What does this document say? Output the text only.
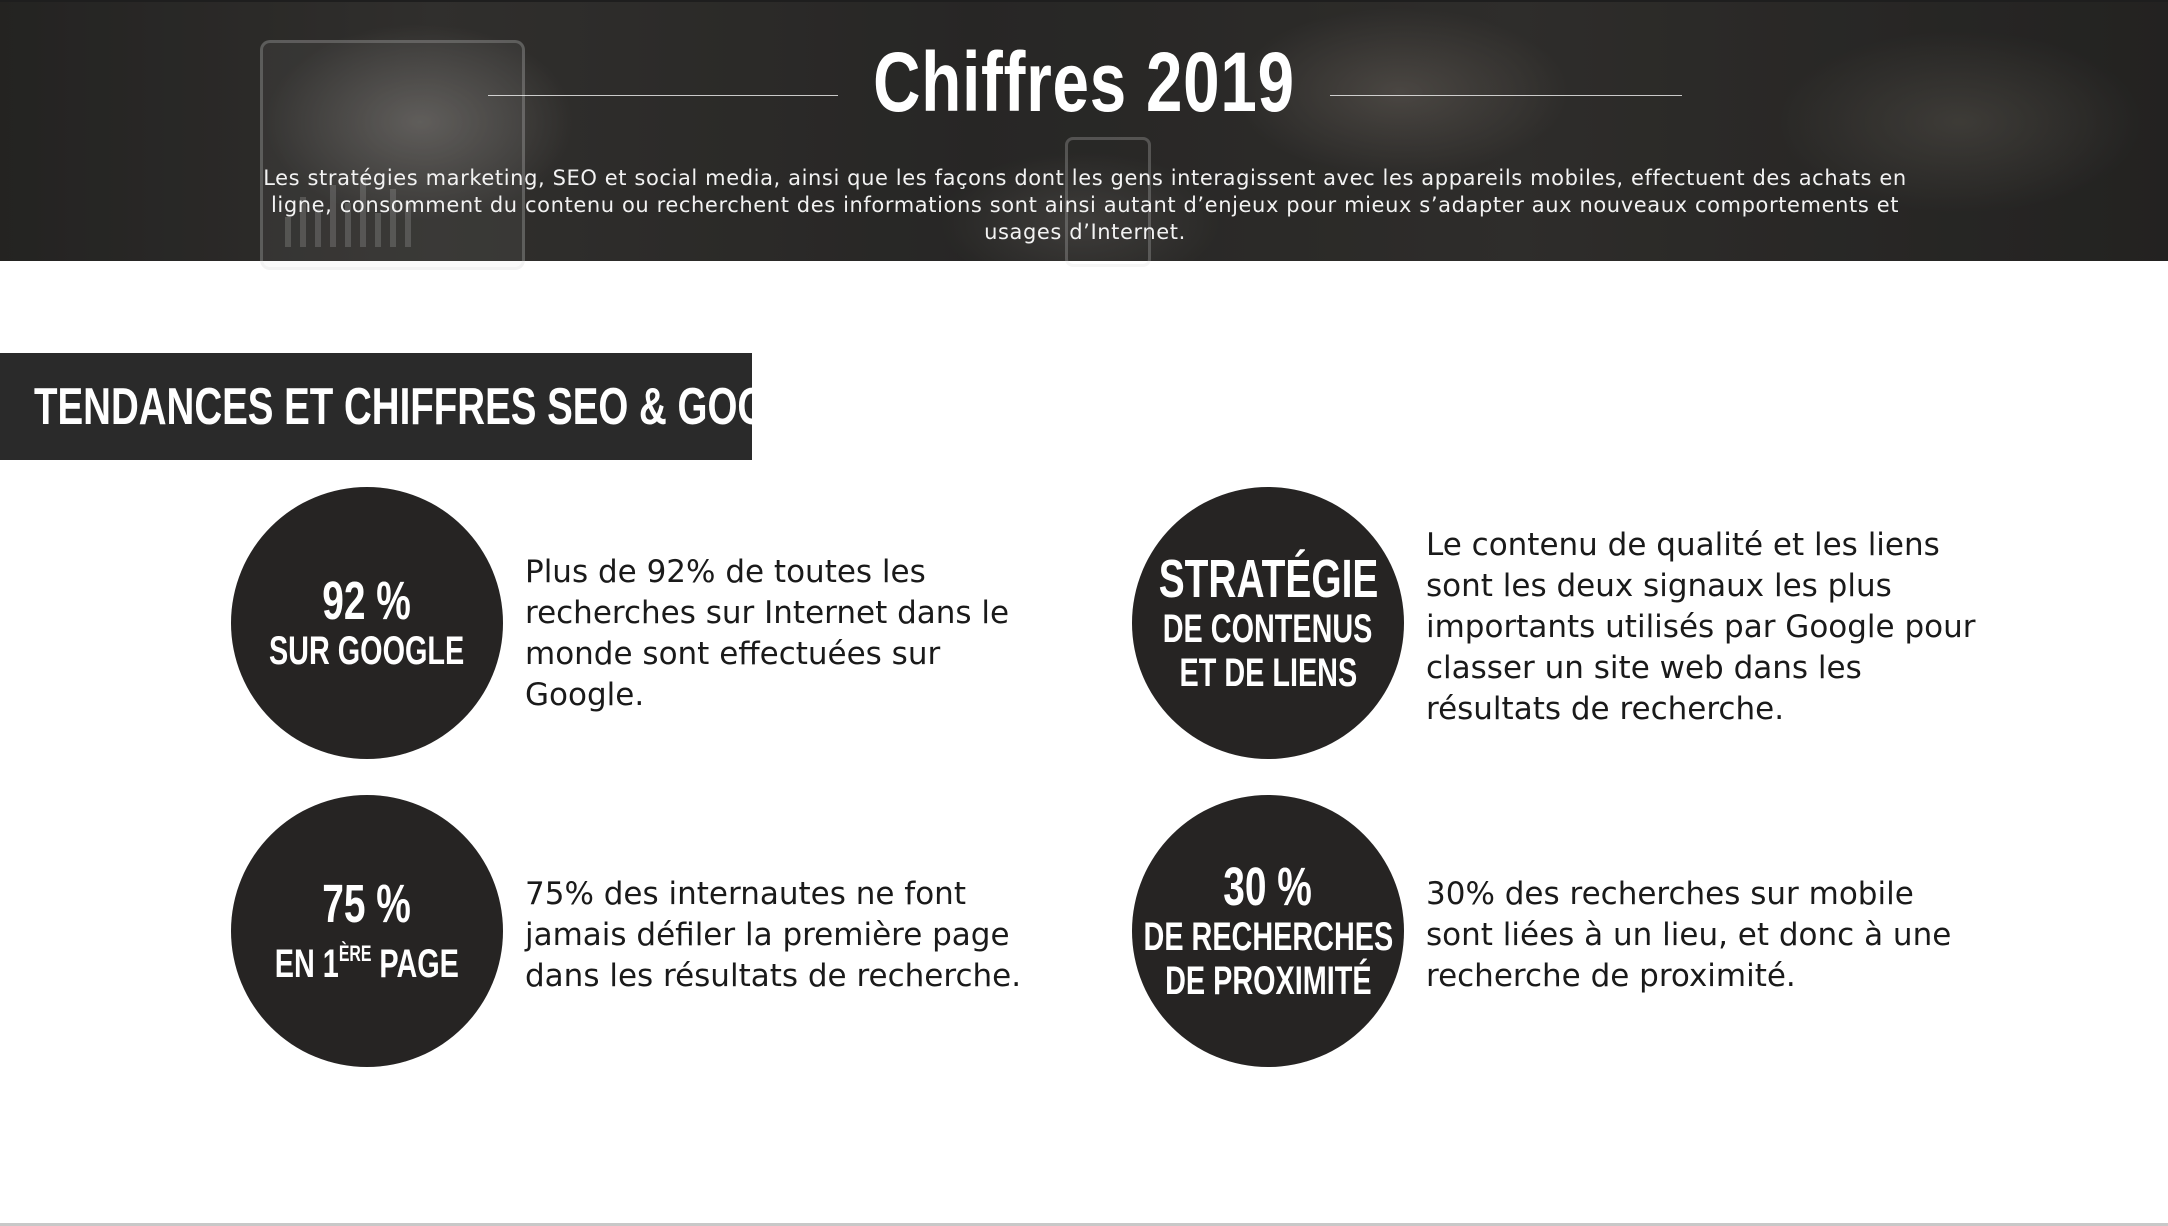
Chiffres 2019

Les stratégies marketing, SEO et social media, ainsi que les façons dont les gens interagissent avec les appareils mobiles, effectuent des achats en ligne, consomment du contenu ou recherchent des informations sont ainsi autant d’enjeux pour mieux s’adapter aux nouveaux comportements et usages d’Internet.

TENDANCES ET CHIFFRES SEO & GOOGLE
92 %
SUR GOOGLE

Plus de 92% de toutes les recherches sur Internet dans le monde sont effectuées sur Google.

STRATÉGIE
DE CONTENUS
ET DE LIENS

Le contenu de qualité et les liens sont les deux signaux les plus importants utilisés par Google pour classer un site web dans les résultats de recherche.

75 %
EN 1ÈRE PAGE

75% des internautes ne font jamais défiler la première page dans les résultats de recherche.

30 %
DE RECHERCHES
DE PROXIMITÉ

30% des recherches sur mobile sont liées à un lieu, et donc à une recherche de proximité.
